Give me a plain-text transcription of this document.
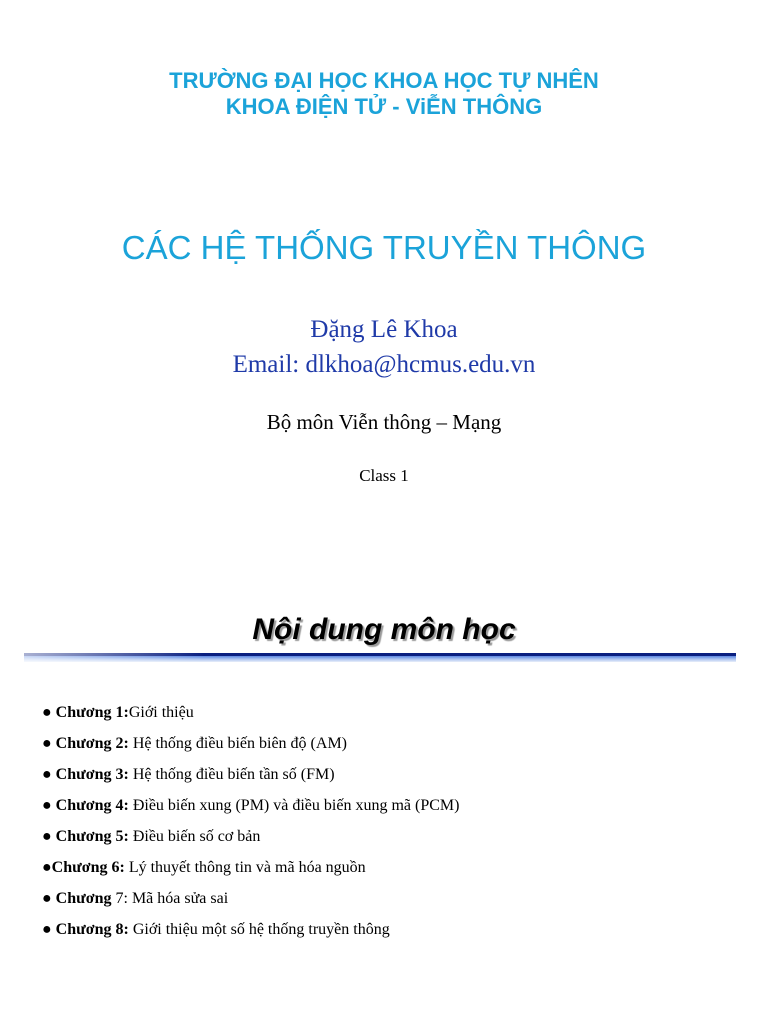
TRƯỜNG ĐẠI HỌC KHOA HỌC TỰ NHÊN
KHOA ĐIỆN TỬ - ViỄN THÔNG
CÁC HỆ THỐNG TRUYỀN THÔNG
Đặng Lê Khoa
Email: dlkhoa@hcmus.edu.vn
Bộ môn Viễn thông – Mạng
Class 1
Nội dung môn học
● Chương 1:Giới thiệu
● Chương 2: Hệ thống điều biến biên độ (AM)
● Chương 3: Hệ thống điều biến tần số (FM)
● Chương 4: Điều biến xung (PM) và điều biến xung mã (PCM)
● Chương 5: Điều biến số cơ bản
●Chương 6: Lý thuyết thông tin và mã hóa nguồn
● Chương 7: Mã hóa sửa sai
● Chương 8: Giới thiệu một số hệ thống truyền thông
